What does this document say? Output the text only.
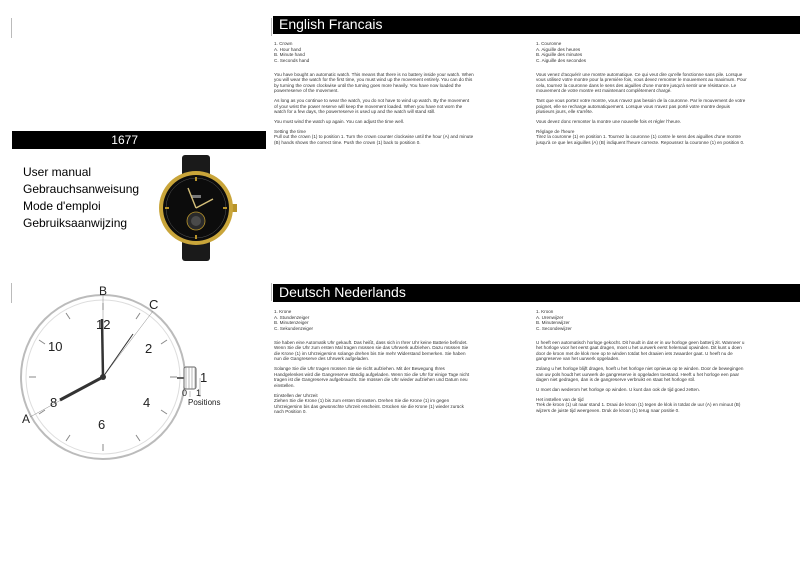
1677
User manual
Gebrauchsanweisung
Mode d'emploi
Gebruiksaanwijzing
B
C
A
12
2
4
6
8
10
1
0 1
Positions
English Francais
1. Crown
A. Hour hand
B. Minute hand
C. Seconds hand
You have bought an automatic watch. This means that there is no battery inside your watch. When you will wear the watch for the first time, you must wind up the movement entirely. You can do this by turning the crown clockwise until the turning goes more heavily. You have now loaded the powerreserve of the movement.
As long as you continue to wear the watch, you do not have to wind up watch. By the movement of your wrist the power reserve will keep the movement loaded. When you have not worn the watch for a few days, the powerreserve is used up and the watch will stand still.
You must wind the watch up again. You can adjust the time well.
Setting the time
Pull out the crown (1) to position 1. Turn the crown counter clockwise until the hour (A) and minute (B) hands shows the correct time. Push the crown (1) back to position 0.
1. Couronne
A. Aiguille des heures
B. Aiguille des minutes
C. Aiguille des secondes
Vous venez d'acquérir une montre automatique. Ce qui veut dire qu'elle fonctionne sans pile. Lorsque vous utilisez votre montre pour la première fois, vous devez remonter le mouvement au maximum. Pour cela, tournez la couronne dans le sens des aiguilles d'une montre jusqu'à sentir une résistance. Le mouvement de votre montre est maintenant complètement chargé.
Tant que vous portez votre montre, vous n'avez pas besoin de la couronne. Par le mouvement de votre poignet, elle se recharge automatiquement. Lorsque vous n'avez pas porté votre montre depuis plusieurs jours, elle s'arrête.
Vous devez donc remonter la montre une nouvelle fois et régler l'heure.
Réglage de l'heure
Tirez la couronne (1) en position 1. Tournez la couronne (1) contre le sens des aiguilles d'une montre jusqu'à ce que les aiguilles (A) (B) indiquent l'heure correcte. Repoussez la couronne (1) en position 0.
Deutsch Nederlands
1. Krone
A. Stundenzeiger
B. Minutenzeiger
C. Sekundenzeiger
Sie haben eine Automatik Uhr gekauft. Das heißt, dass sich in Ihrer Uhr keine Batterie befindet. Wenn Sie die Uhr zum ersten Mal tragen müssen sie das Uhrwerk aufziehen. Dazu müssen Sie die Krone (1) im Uhrzeigersinn solange drehen bis Sie mehr Widerstand bemerken. Sie haben nun die Gangreserve des Uhrwerk aufgeladen.
Solange Sie die Uhr tragen müssen Sie sie nicht aufziehen. Mit der Bewegung Ihres Handgelenkes wird die Gangreserve ständig aufgeladen. Wenn Sie die Uhr für einige Tage nicht tragen ist die Gangreserve aufgebraucht. Sie müssen die Uhr wieder aufziehen und Datum neu einstellen.
Einstellen der Uhrzeit
Ziehen Sie die Krone (1) bis zum ersten Einrasten. Drehen Sie die Krone (1) im gegen Uhrzeigersinn bis das gewünschte Uhrzeit erscheint. Drücken sie die Krone (1) wieder zurück nach Position 0.
1. Kroon
A. Urenwijzer
B. Minutenwijzer
C. Secondewijzer
U heeft een automatisch horloge gekocht. Dit houdt in dat er in uw horloge geen batterij zit. Wanneer u het horloge voor het eerst gaat dragen, moet u het uurwerk eerst helemaal opwinden. Dit kunt u doen door de kroon met de klok mee op te winden totdat het draaien iets zwaarder gaat. U heeft nu de gangreserve van het uurwerk opgeladen.
Zolang u het horloge blijft dragen, hoeft u het horloge niet opnieuw op te winden. Door de bewegingen van uw pols houdt het uurwerk de gangreserve in opgeladen toestand. Heeft u het horloge een paar dagen niet gedragen, dan is de gangreserve verbruikt en staat het horloge stil.
U moet dan wederom het horloge op winden. U kunt dan ook de tijd goed zetten.
Het instellen van de tijd
Trek de kroon (1) uit naar stand 1. Draai de kroon (1) tegen de klok in totdat de uur (A) en minuut (B) wijzers de juiste tijd weergeven. Druk de kroon (1) terug naar positie 0.
